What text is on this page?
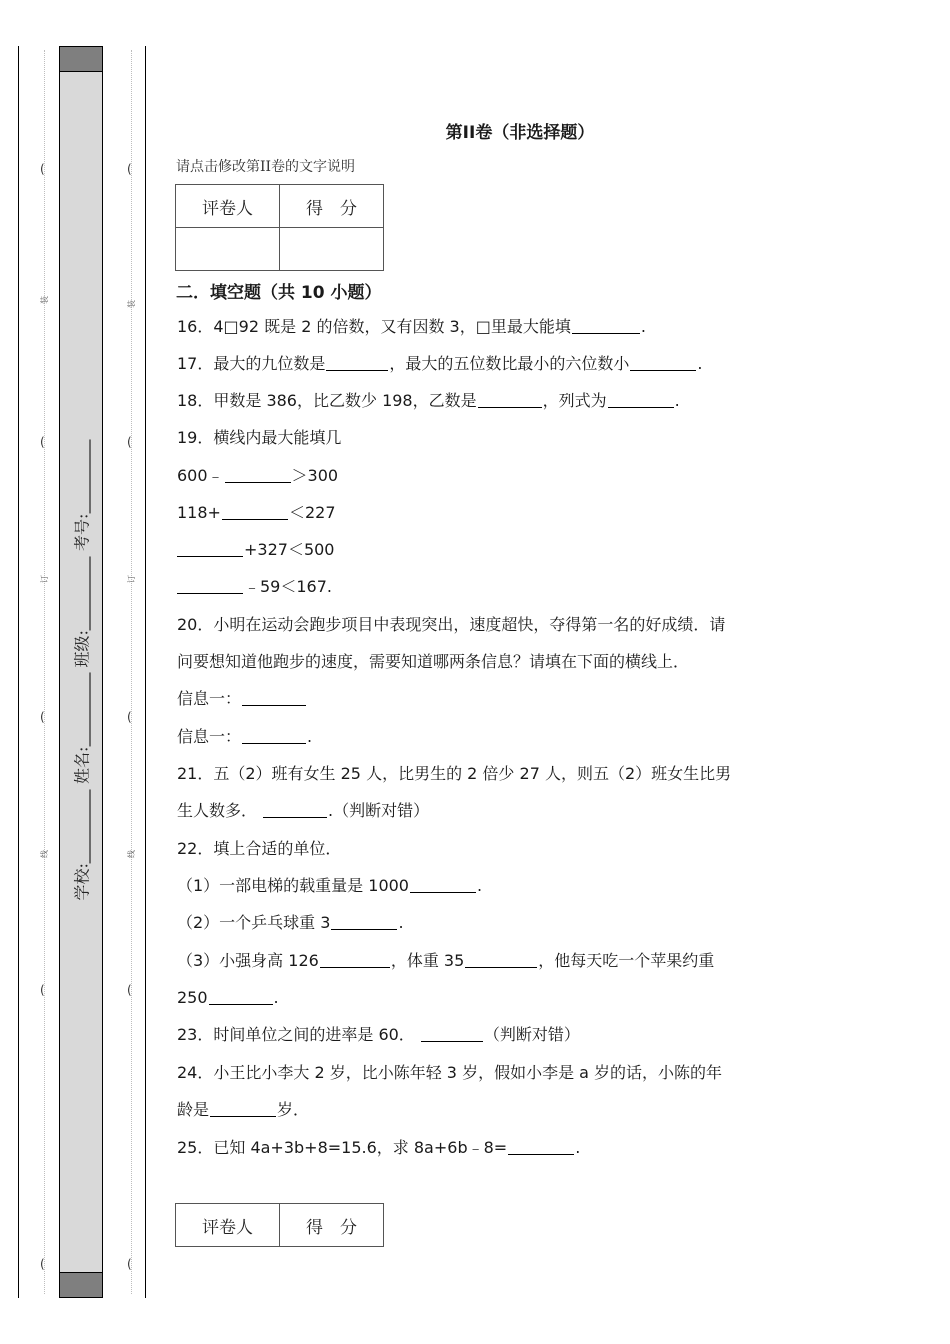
(
(
(
(
(
(
(
(
(
(
装
订
线
装
订
线
学校: 姓名: 班级: 考号:
第II卷（非选择题）
请点击修改第II卷的文字说明
评卷人	得　分

二．填空题（共 10 小题）
16．4□92 既是 2 的倍数，又有因数 3，□里最大能填	.
17．最大的九位数是	，最大的五位数比最小的六位数小	.
18．甲数是 386，比乙数少 198，乙数是	，列式为	.
19．横线内最大能填几
600﹣	＞300
118+	＜227
+327＜500
﹣59＜167.
20．小明在运动会跑步项目中表现突出，速度超快，夺得第一名的好成绩．请
问要想知道他跑步的速度，需要知道哪两条信息？请填在下面的横线上．
信息一：
信息一：	.
21．五（2）班有女生 25 人，比男生的 2 倍少 27 人，则五（2）班女生比男
生人数多．	.（判断对错）
22．填上合适的单位．
（1）一部电梯的载重量是 1000	.
（2）一个乒乓球重 3	.
（3）小强身高 126	，体重 35	，他每天吃一个苹果约重
250	.
23．时间单位之间的进率是 60．	（判断对错）
24．小王比小李大 2 岁，比小陈年轻 3 岁，假如小李是 a 岁的话，小陈的年
龄是	岁．
25．已知 4a+3b+8=15.6，求 8a+6b﹣8=	.
评卷人	得　分
